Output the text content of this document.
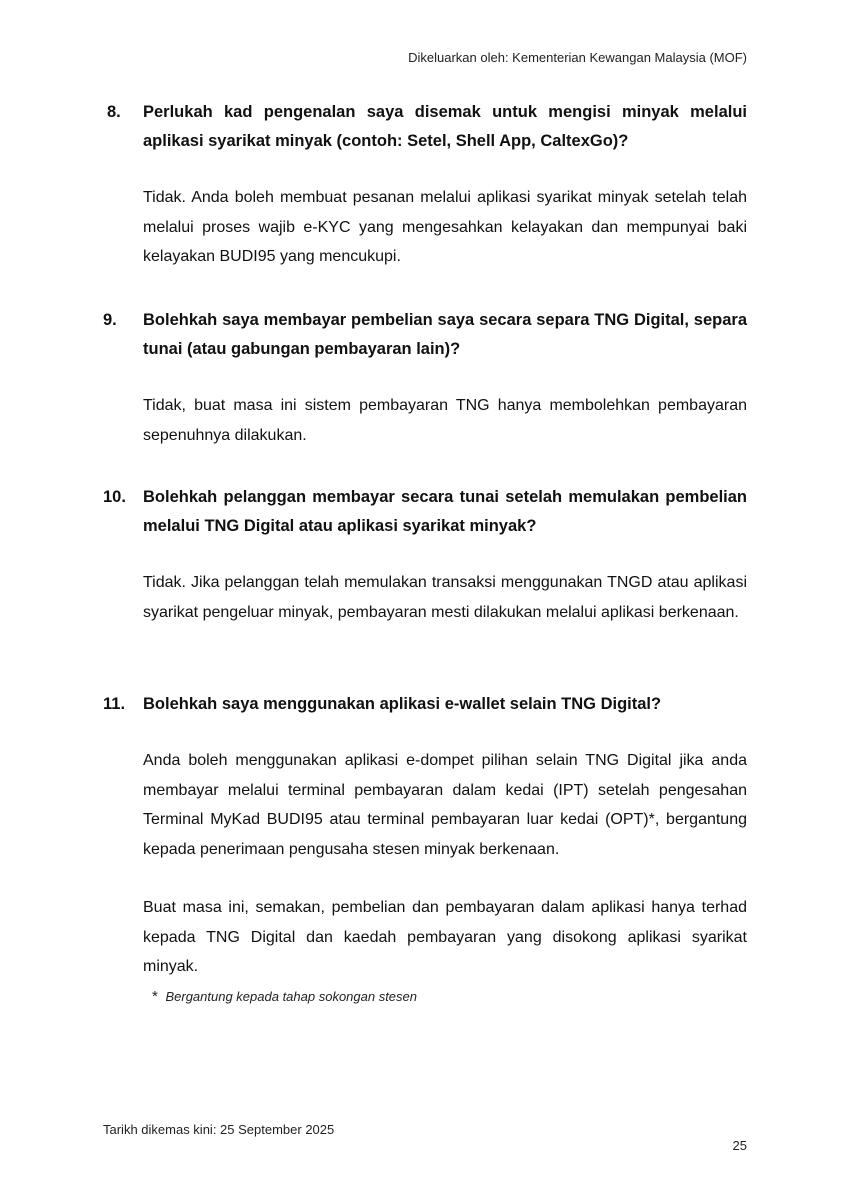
Dikeluarkan oleh: Kementerian Kewangan Malaysia (MOF)
8.	Perlukah kad pengenalan saya disemak untuk mengisi minyak melalui aplikasi syarikat minyak (contoh: Setel, Shell App, CaltexGo)?
Tidak. Anda boleh membuat pesanan melalui aplikasi syarikat minyak setelah telah melalui proses wajib e-KYC yang mengesahkan kelayakan dan mempunyai baki kelayakan BUDI95 yang mencukupi.
9.	Bolehkah saya membayar pembelian saya secara separa TNG Digital, separa tunai (atau gabungan pembayaran lain)?
Tidak, buat masa ini sistem pembayaran TNG hanya membolehkan pembayaran sepenuhnya dilakukan.
10.	Bolehkah pelanggan membayar secara tunai setelah memulakan pembelian melalui TNG Digital atau aplikasi syarikat minyak?
Tidak. Jika pelanggan telah memulakan transaksi menggunakan TNGD atau aplikasi syarikat pengeluar minyak, pembayaran mesti dilakukan melalui aplikasi berkenaan.
11.	Bolehkah saya menggunakan aplikasi e-wallet selain TNG Digital?
Anda boleh menggunakan aplikasi e-dompet pilihan selain TNG Digital jika anda membayar melalui terminal pembayaran dalam kedai (IPT) setelah pengesahan Terminal MyKad BUDI95 atau terminal pembayaran luar kedai (OPT)*, bergantung kepada penerimaan pengusaha stesen minyak berkenaan.
Buat masa ini, semakan, pembelian dan pembayaran dalam aplikasi hanya terhad kepada TNG Digital dan kaedah pembayaran yang disokong aplikasi syarikat minyak.
* Bergantung kepada tahap sokongan stesen
Tarikh dikemas kini: 25 September 2025
25
